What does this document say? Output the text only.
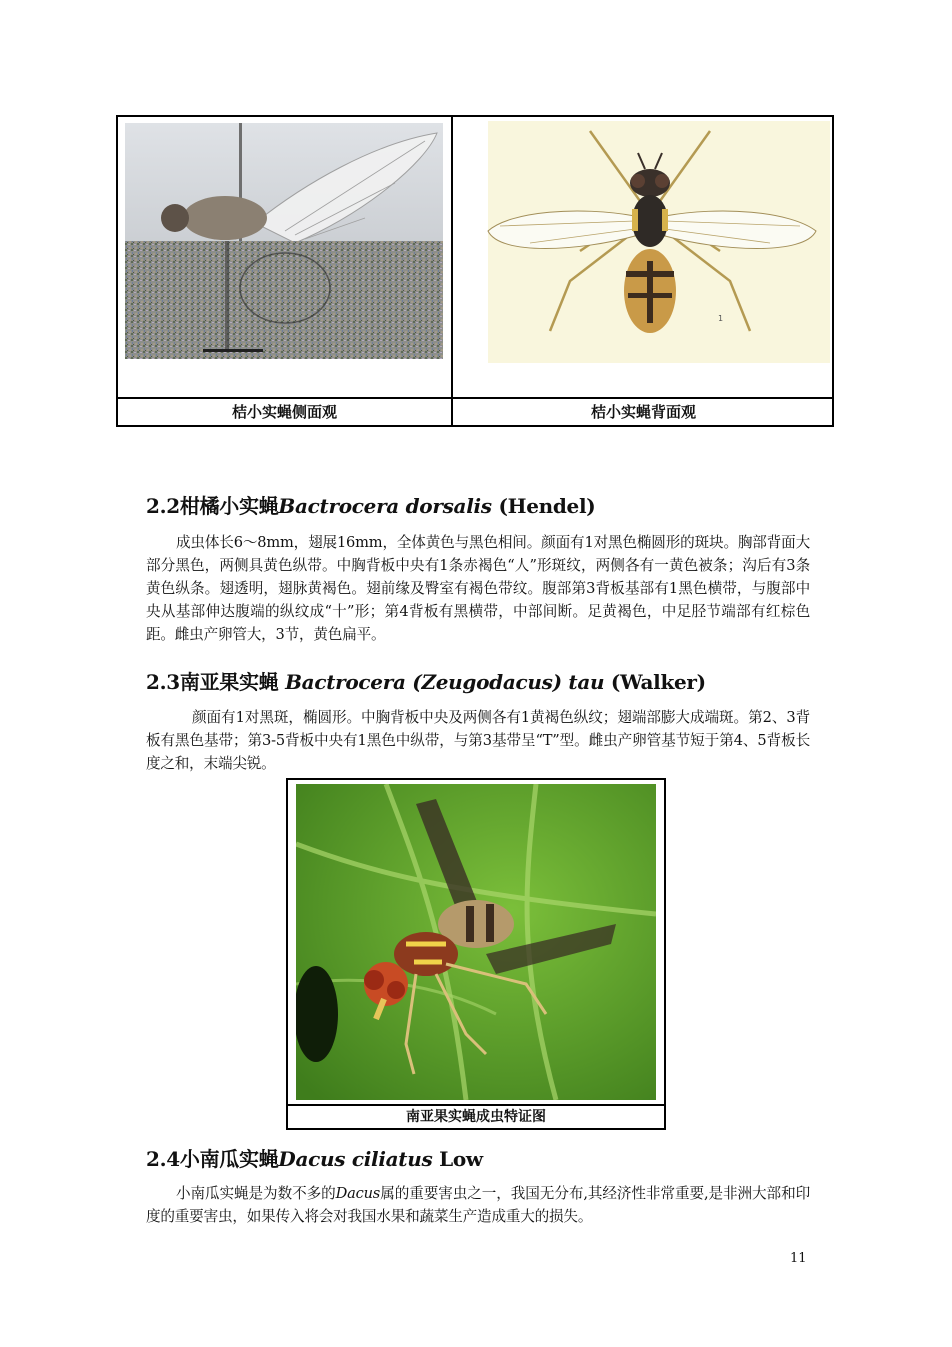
1
桔小实蝇侧面观	桔小实蝇背面观
2.2柑橘小实蝇Bactrocera dorsalis (Hendel)
成虫体长6～8mm，翅展16mm，全体黄色与黑色相间。颜面有1对黑色椭圆形的斑块。胸部背面大部分黑色，两侧具黄色纵带。中胸背板中央有1条赤褐色“人”形斑纹，两侧各有一黄色被条；沟后有3条黄色纵条。翅透明，翅脉黄褐色。翅前缘及臀室有褐色带纹。腹部第3背板基部有1黑色横带，与腹部中央从基部伸达腹端的纵纹成“十”形；第4背板有黑横带，中部间断。足黄褐色，中足胫节端部有红棕色距。雌虫产卵管大，3节，黄色扁平。
2.3南亚果实蝇 Bactrocera (Zeugodacus) tau (Walker)
颜面有1对黑斑，椭圆形。中胸背板中央及两侧各有1黄褐色纵纹；翅端部膨大成端斑。第2、3背板有黑色基带；第3-5背板中央有1黑色中纵带，与第3基带呈“T”型。雌虫产卵管基节短于第4、5背板长度之和，末端尖锐。
南亚果实蝇成虫特证图
2.4小南瓜实蝇Dacus ciliatus Low
小南瓜实蝇是为数不多的Dacus属的重要害虫之一，我国无分布,其经济性非常重要,是非洲大部和印度的重要害虫，如果传入将会对我国水果和蔬菜生产造成重大的损失。
11
